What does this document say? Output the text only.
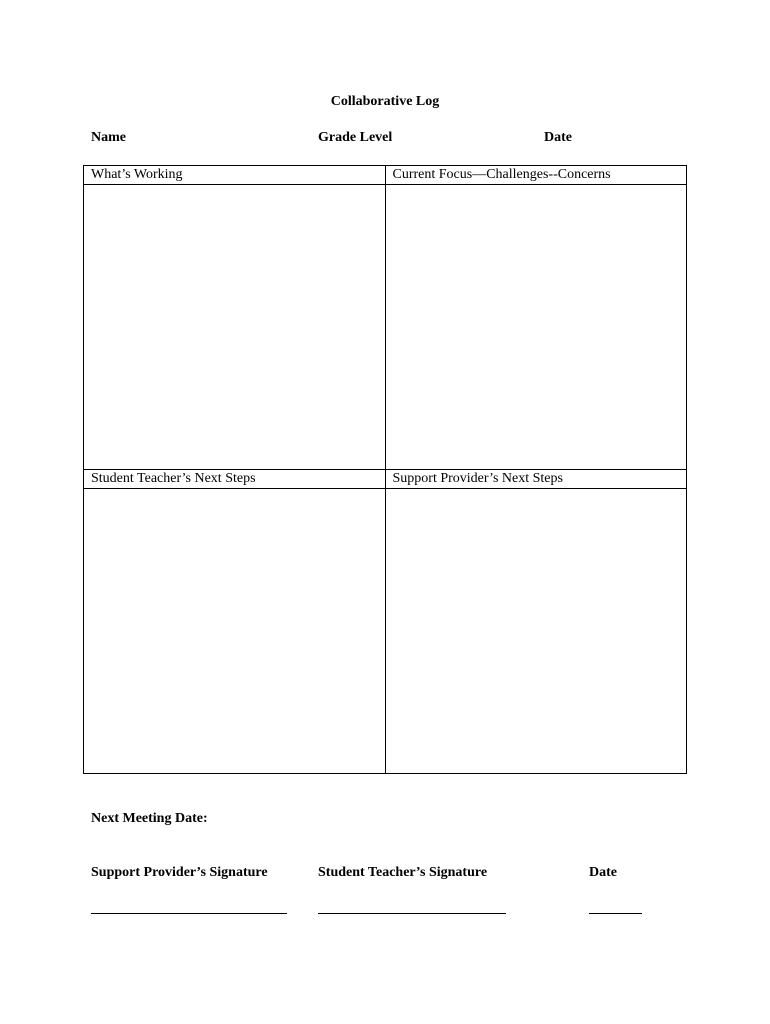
Collaborative Log
Name	Grade Level	Date
What’s Working	Current Focus—Challenges--Concerns

Student Teacher’s Next Steps	Support Provider’s Next Steps

Next Meeting Date:
Support Provider’s Signature	Student Teacher’s Signature	Date
